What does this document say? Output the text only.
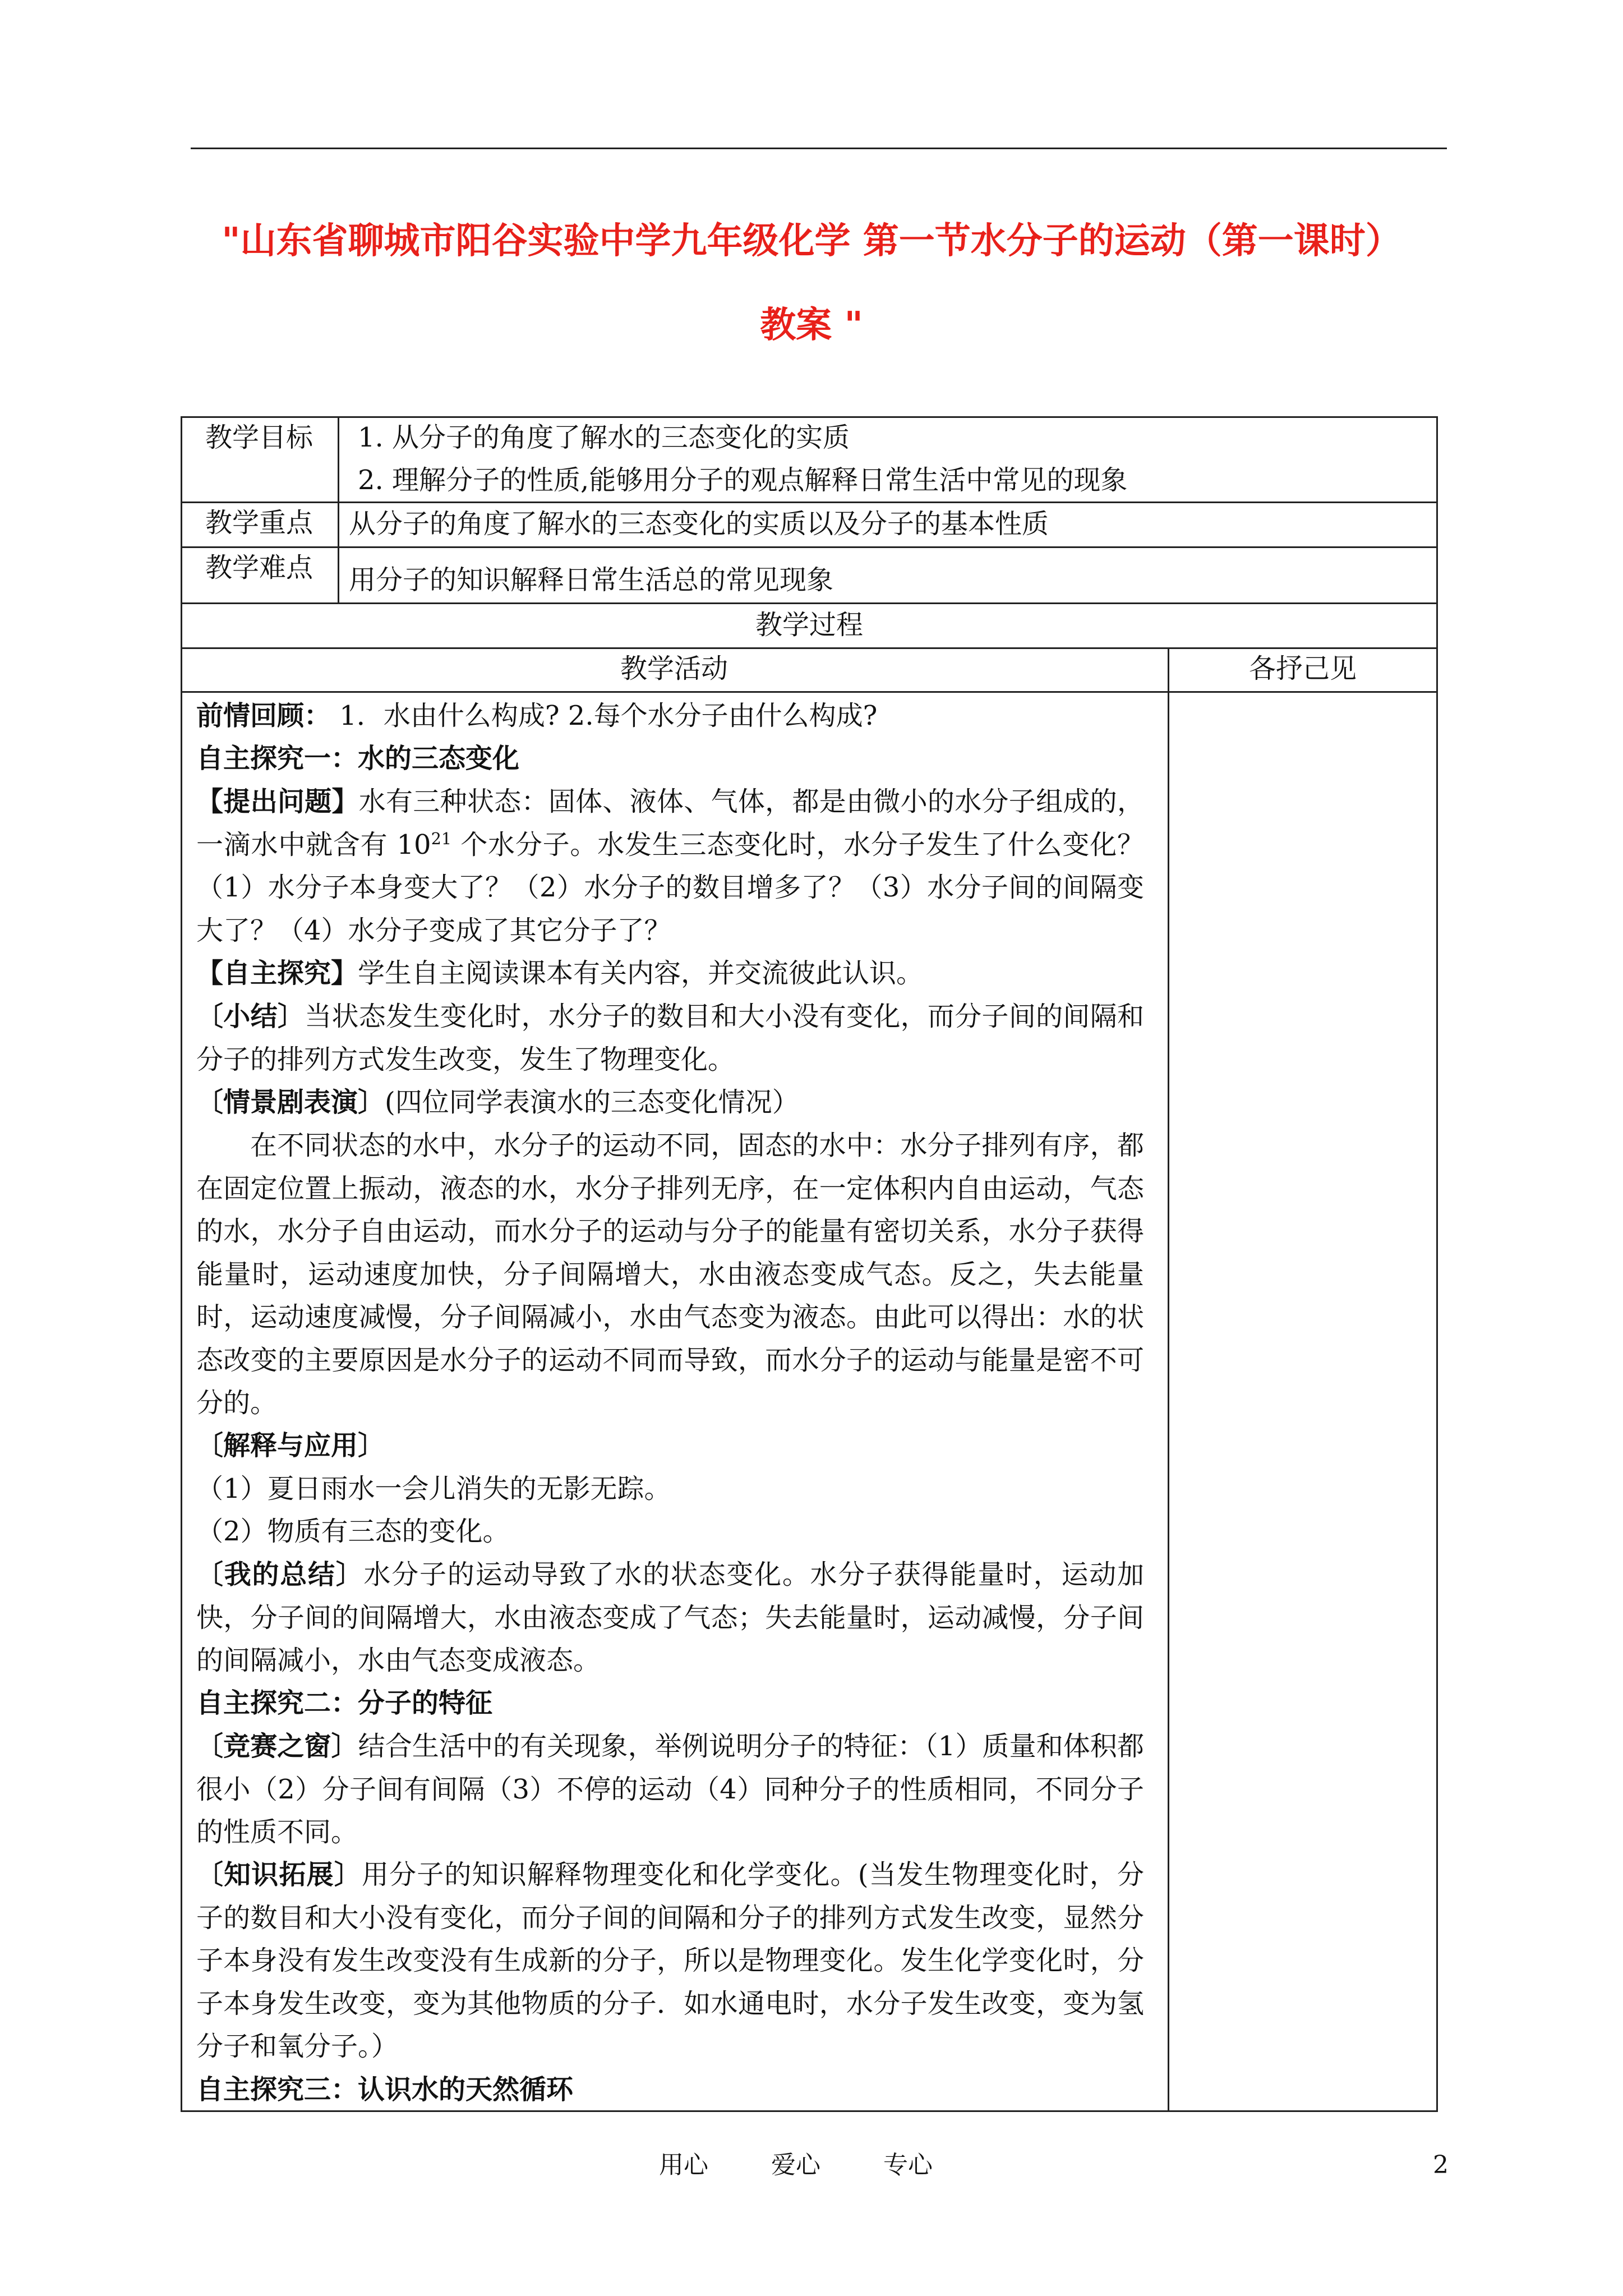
"山东省聊城市阳谷实验中学九年级化学 第一节水分子的运动（第一课时）
教案 "
教学目标	1. 从分子的角度了解水的三态变化的实质
2. 理解分子的性质,能够用分子的观点解释日常生活中常见的现象
教学重点	从分子的角度了解水的三态变化的实质以及分子的基本性质
教学难点	用分子的知识解释日常生活总的常见现象
教学过程
教学活动	各抒己见
前情回顾： 1．水由什么构成? 2.每个水分子由什么构成?
自主探究一：水的三态变化
【提出问题】水有三种状态：固体、液体、气体，都是由微小的水分子组成的，一滴水中就含有 $10^{21}$ 个水分子。水发生三态变化时，水分子发生了什么变化？（1）水分子本身变大了？（2）水分子的数目增多了？（3）水分子间的间隔变大了？（4）水分子变成了其它分子了？
【自主探究】学生自主阅读课本有关内容，并交流彼此认识。
〔小结〕当状态发生变化时，水分子的数目和大小没有变化，而分子间的间隔和分子的排列方式发生改变，发生了物理变化。
〔情景剧表演〕(四位同学表演水的三态变化情况）
在不同状态的水中，水分子的运动不同，固态的水中：水分子排列有序，都在固定位置上振动，液态的水，水分子排列无序，在一定体积内自由运动，气态的水，水分子自由运动，而水分子的运动与分子的能量有密切关系，水分子获得能量时，运动速度加快，分子间隔增大，水由液态变成气态。反之，失去能量时，运动速度减慢，分子间隔减小，水由气态变为液态。由此可以得出：水的状态改变的主要原因是水分子的运动不同而导致，而水分子的运动与能量是密不可分的。
〔解释与应用〕
（1）夏日雨水一会儿消失的无影无踪。
（2）物质有三态的变化。
〔我的总结〕水分子的运动导致了水的状态变化。水分子获得能量时，运动加快，分子间的间隔增大，水由液态变成了气态；失去能量时，运动减慢，分子间的间隔减小，水由气态变成液态。
自主探究二：分子的特征
〔竞赛之窗〕结合生活中的有关现象，举例说明分子的特征：（1）质量和体积都很小（2）分子间有间隔（3）不停的运动（4）同种分子的性质相同，不同分子的性质不同。
〔知识拓展〕用分子的知识解释物理变化和化学变化。(当发生物理变化时，分子的数目和大小没有变化，而分子间的间隔和分子的排列方式发生改变，显然分子本身没有发生改变没有生成新的分子，所以是物理变化。发生化学变化时，分子本身发生改变，变为其他物质的分子．如水通电时，水分子发生改变，变为氢分子和氧分子。）
自主探究三：认识水的天然循环
用心	爱心	专心	2
